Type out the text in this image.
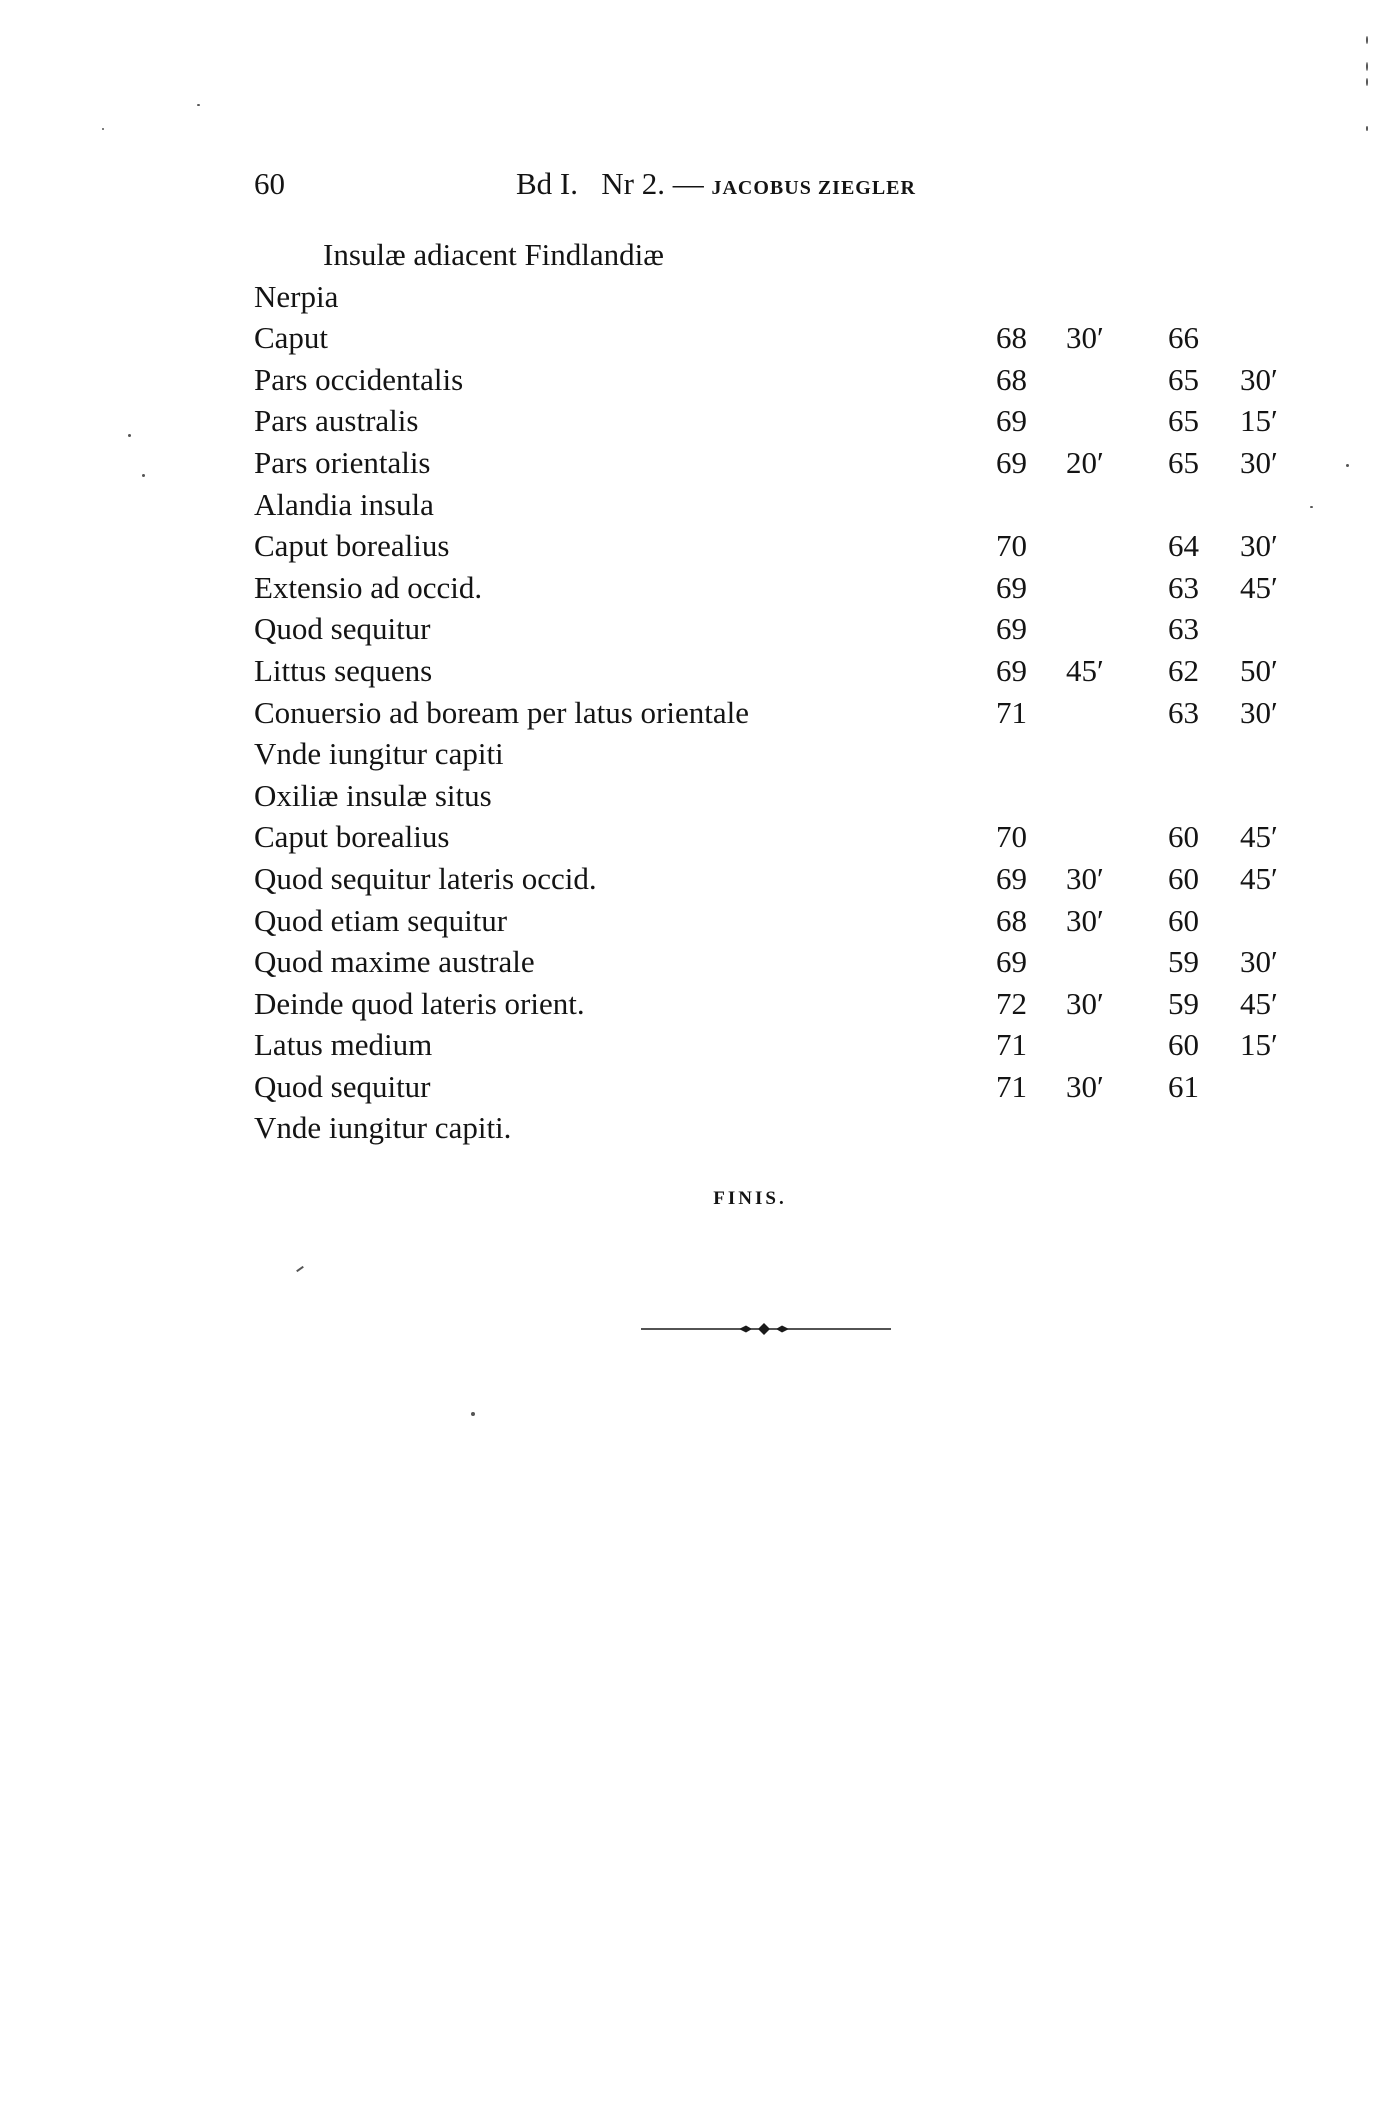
60	Bd I.   Nr 2. — JACOBUS ZIEGLER
Insulæ adiacent Findlandiæ
Nerpia
Caput	68 30′ 66
Pars occidentalis	68	65 30′
Pars australis	69	65 15′
Pars orientalis	69 20′ 65 30′
Alandia insula
Caput borealius	70	64 30′
Extensio ad occid.	69	63 45′
Quod sequitur	69	63
Littus sequens	69 45′ 62 50′
Conuersio ad boream per latus orientale	71	63 30′
Vnde iungitur capiti
Oxiliæ insulæ situs
Caput borealius	70	60 45′
Quod sequitur lateris occid.	69 30′ 60 45′
Quod etiam sequitur	68 30′ 60
Quod maxime australe	69	59 30′
Deinde quod lateris orient.	72 30′ 59 45′
Latus medium	71	60 15′
Quod sequitur	71 30′ 61
Vnde iungitur capiti.
FINIS.
